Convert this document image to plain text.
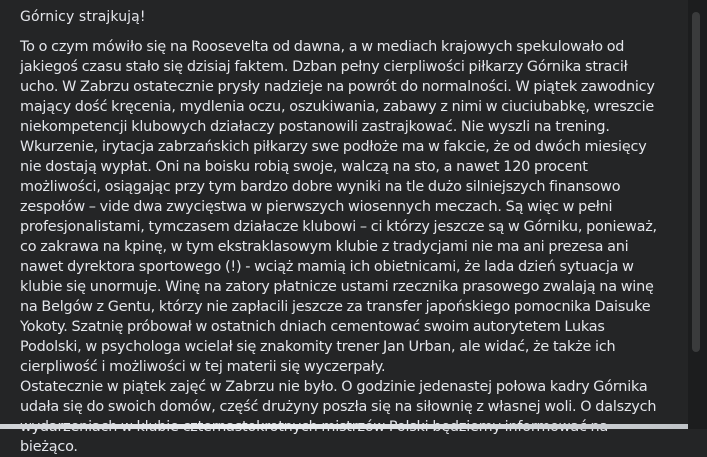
Górnicy strajkują!

To o czym mówiło się na Roosevelta od dawna, a w mediach krajowych spekulowało od jakiegoś czasu stało się dzisiaj faktem. Dzban pełny cierpliwości piłkarzy Górnika stracił ucho. W Zabrzu ostatecznie prysły nadzieje na powrót do normalności. W piątek zawodnicy mający dość kręcenia, mydlenia oczu, oszukiwania, zabawy z nimi w ciuciubabkę, wreszcie niekompetencji klubowych działaczy postanowili zastrajkować. Nie wyszli na trening. Wkurzenie, irytacja zabrzańskich piłkarzy swe podłoże ma w fakcie, że od dwóch miesięcy nie dostają wypłat. Oni na boisku robią swoje, walczą na sto, a nawet 120 procent możliwości, osiągając przy tym bardzo dobre wyniki na tle dużo silniejszych finansowo zespołów – vide dwa zwycięstwa w pierwszych wiosennych meczach. Są więc w pełni profesjonalistami, tymczasem działacze klubowi – ci którzy jeszcze są w Górniku, ponieważ, co zakrawa na kpinę, w tym ekstraklasowym klubie z tradycjami nie ma ani prezesa ani nawet dyrektora sportowego (!) - wciąż mamią ich obietnicami, że lada dzień sytuacja w klubie się unormuje. Winę na zatory płatnicze ustami rzecznika prasowego zwalają na winę na Belgów z Gentu, którzy nie zapłacili jeszcze za transfer japońskiego pomocnika Daisuke Yokoty. Szatnię próbował w ostatnich dniach cementować swoim autorytetem Lukas Podolski, w psychologa wcielał się znakomity trener Jan Urban, ale widać, że także ich cierpliwość i możliwości w tej materii się wyczerpały.

Ostatecznie w piątek zajęć w Zabrzu nie było. O godzinie jedenastej połowa kadry Górnika udała się do swoich domów, część drużyny poszła się na siłownię z własnej woli. O dalszych bieżąco.
